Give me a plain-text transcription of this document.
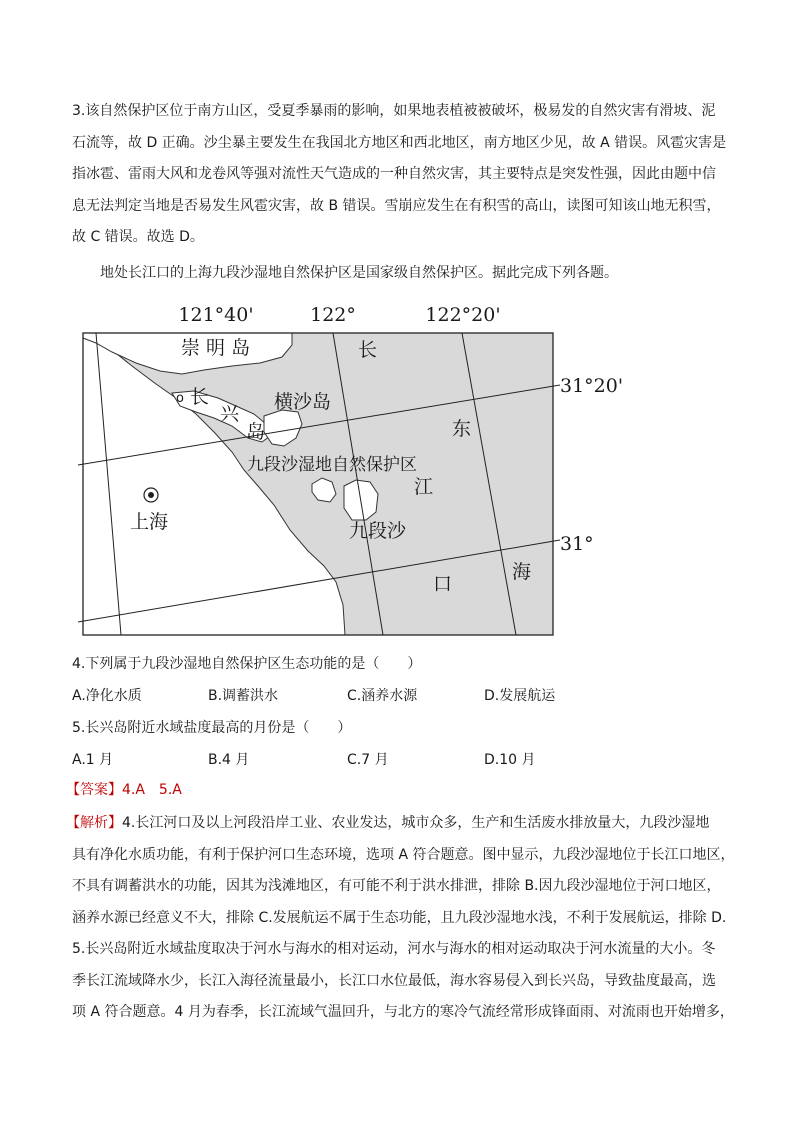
3.该自然保护区位于南方山区，受夏季暴雨的影响，如果地表植被被破坏，极易发的自然灾害有滑坡、泥
石流等，故 D 正确。沙尘暴主要发生在我国北方地区和西北地区，南方地区少见，故 A 错误。风雹灾害是
指冰雹、雷雨大风和龙卷风等强对流性天气造成的一种自然灾害，其主要特点是突发性强，因此由题中信
息无法判定当地是否易发生风雹灾害，故 B 错误。雪崩应发生在有积雪的高山，读图可知该山地无积雪，
故 C 错误。故选 D。
地处长江口的上海九段沙湿地自然保护区是国家级自然保护区。据此完成下列各题。
121°40'	122°	122°20'
31°20'
31°
崇 明 岛
长
兴
岛
o	横沙岛
九段沙湿地自然保护区
九段沙
上海
长
江
口
东
海
4.下列属于九段沙湿地自然保护区生态功能的是（　　）
A.净化水质	B.调蓄洪水	C.涵养水源	D.发展航运
5.长兴岛附近水域盐度最高的月份是（　　）
A.1 月	B.4 月	C.7 月	D.10 月
【答案】4.A　5.A
【解析】4.长江河口及以上河段沿岸工业、农业发达，城市众多，生产和生活废水排放量大，九段沙湿地
具有净化水质功能，有利于保护河口生态环境，选项 A 符合题意。图中显示，九段沙湿地位于长江口地区，
不具有调蓄洪水的功能，因其为浅滩地区，有可能不利于洪水排泄，排除 B.因九段沙湿地位于河口地区，
涵养水源已经意义不大，排除 C.发展航运不属于生态功能，且九段沙湿地水浅，不利于发展航运，排除 D.
5.长兴岛附近水域盐度取决于河水与海水的相对运动，河水与海水的相对运动取决于河水流量的大小。冬
季长江流域降水少，长江入海径流量最小，长江口水位最低，海水容易侵入到长兴岛，导致盐度最高，选
项 A 符合题意。4 月为春季，长江流域气温回升，与北方的寒冷气流经常形成锋面雨、对流雨也开始增多，
